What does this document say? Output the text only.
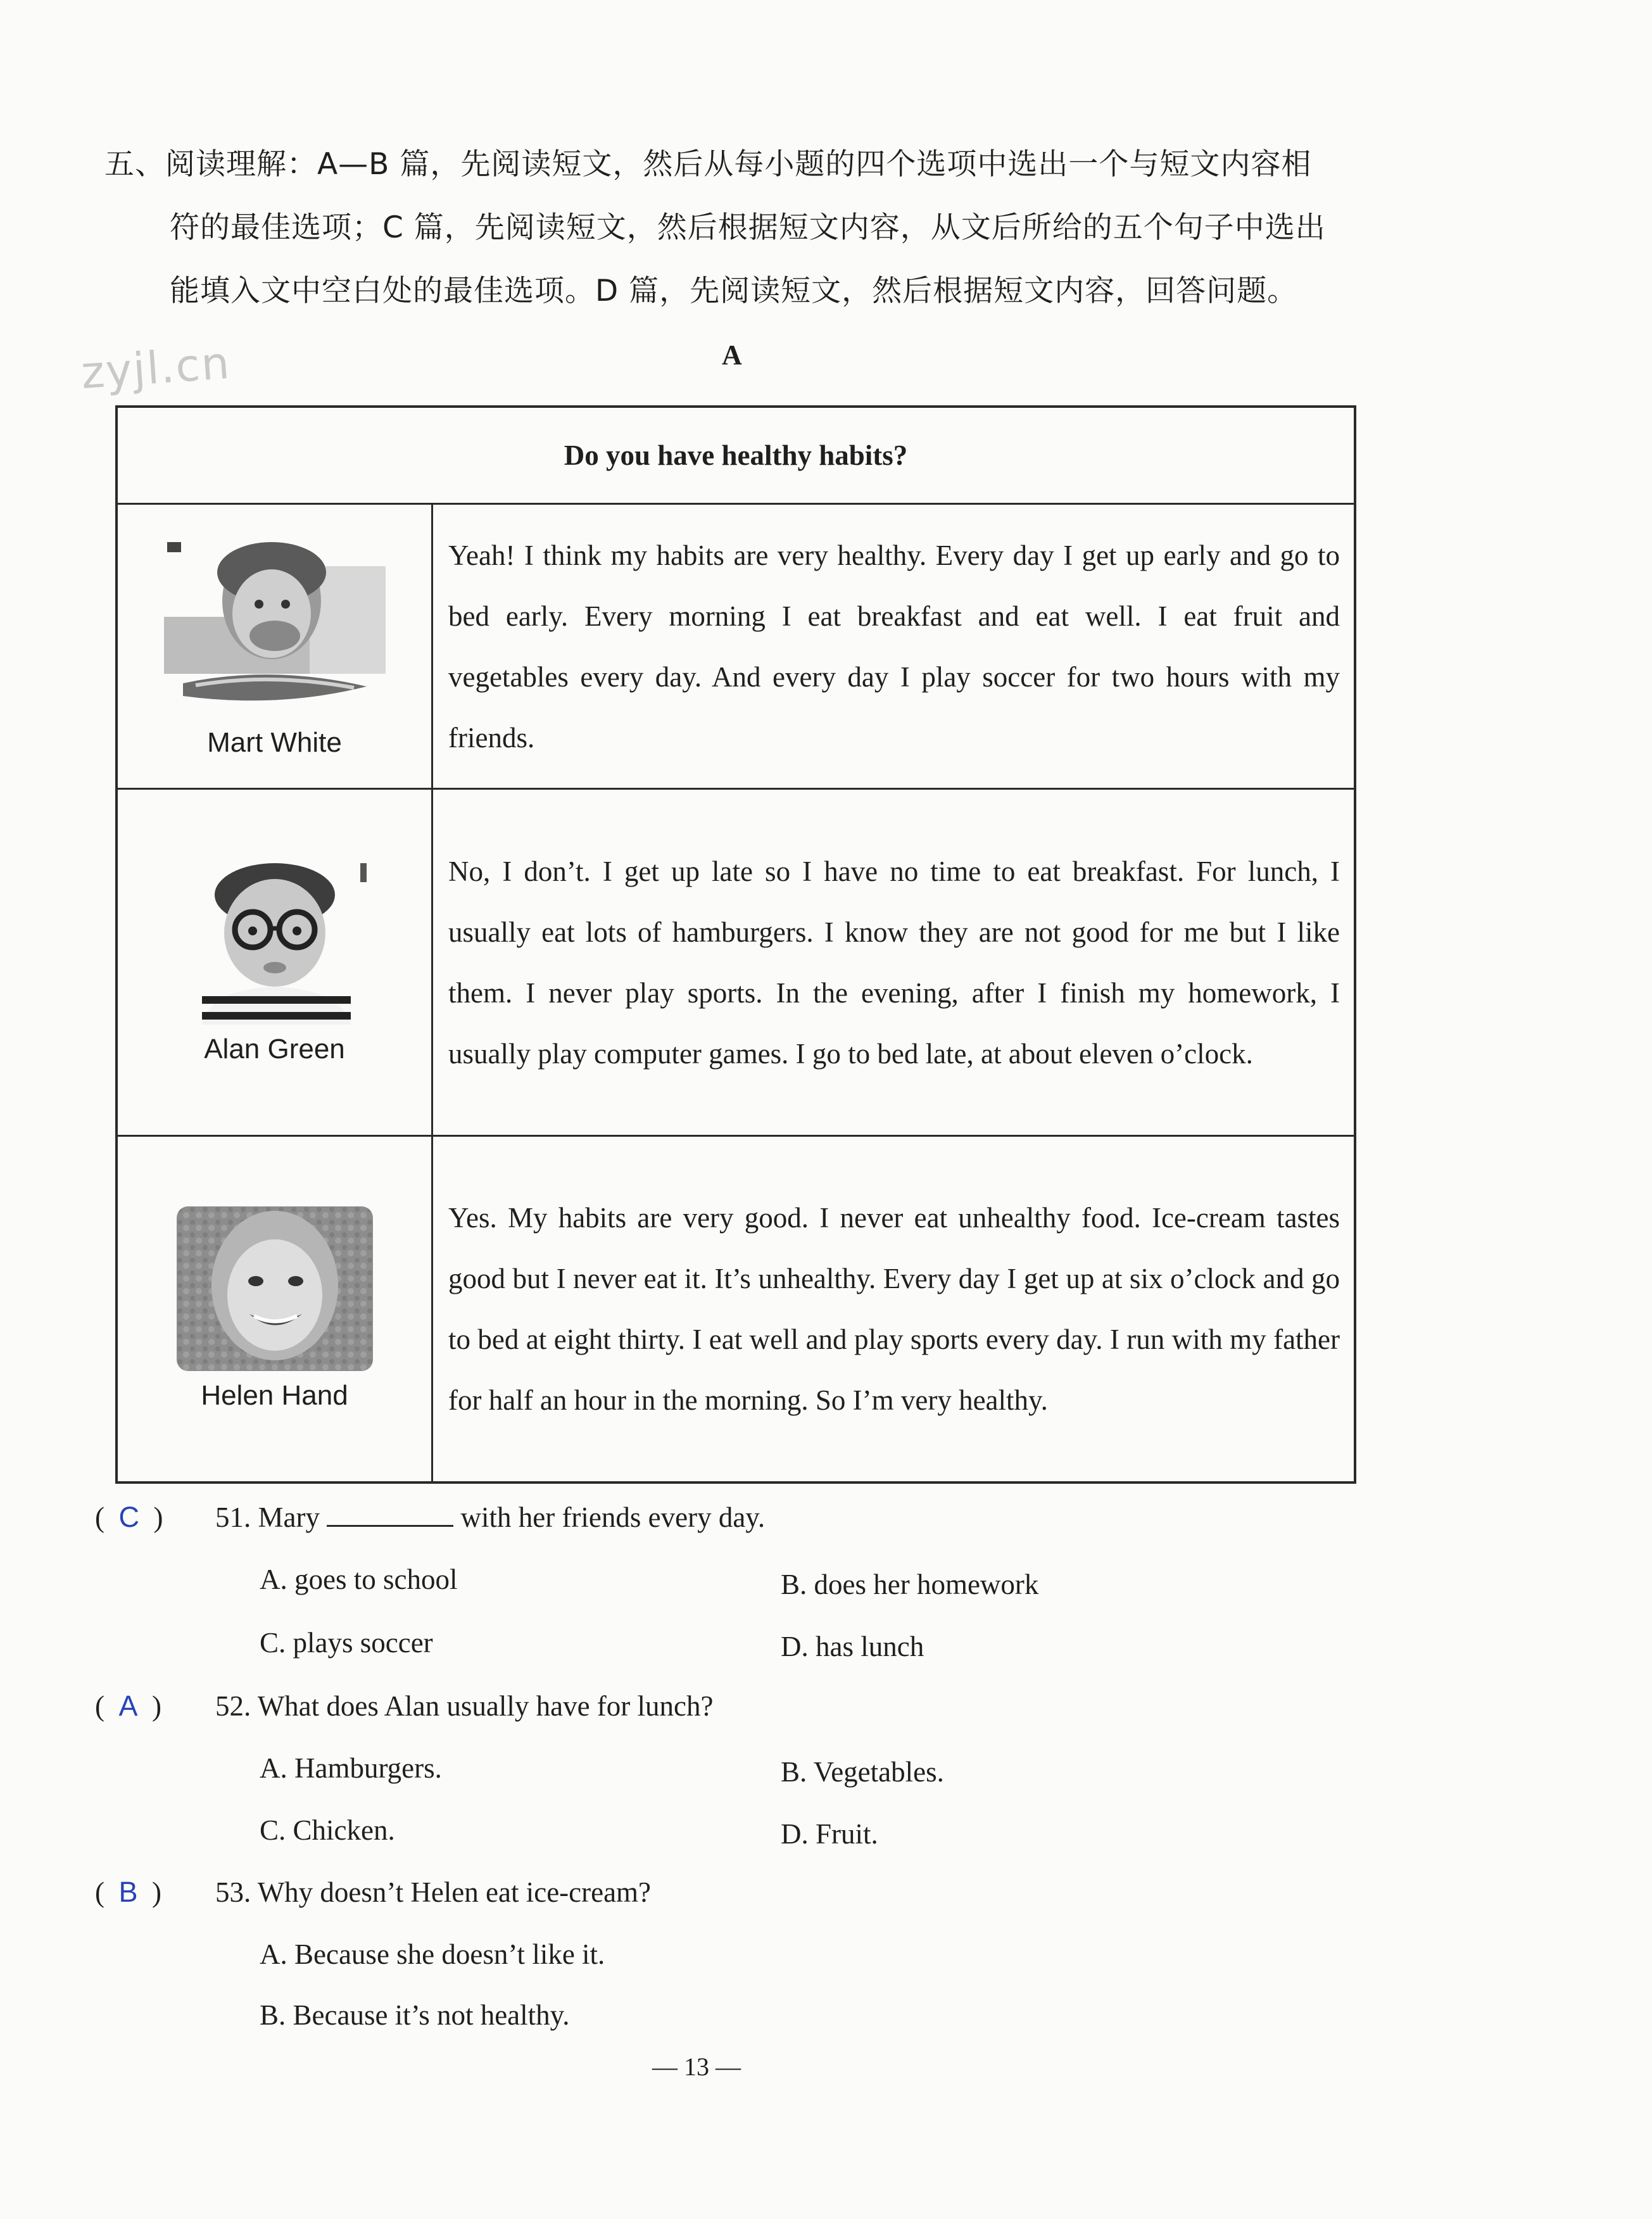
五、阅读理解：A—B 篇，先阅读短文，然后从每小题的四个选项中选出一个与短文内容相

符的最佳选项；C 篇，先阅读短文，然后根据短文内容，从文后所给的五个句子中选出

能填入文中空白处的最佳选项。D 篇，先阅读短文，然后根据短文内容，回答问题。

zyjl.cn	A
Do you have healthy habits?	

Mart White	Yeah! I think my habits are very healthy. Every day I get up early and go to bed early. Every morning I eat breakfast and eat well. I eat fruit and vegetables every day. And every day I play soccer for two hours with my friends.

Alan Green	No, I don’t. I get up late so I have no time to eat breakfast. For lunch, I usually eat lots of hamburgers. I know they are not good for me but I like them. I never play sports. In the evening, after I finish my homework, I usually play computer games. I go to bed late, at about eleven o’clock.

Helen Hand	Yes. My habits are very good. I never eat unhealthy food. Ice-cream tastes good but I never eat it. It’s unhealthy. Every day I get up at six o’clock and go to bed at eight thirty. I eat well and play sports every day. I run with my father for half an hour in the morning. So I’m very healthy.
(  C  ) 51. Mary	with her friends every day.
A. goes to school	B. does her homework
C. plays soccer	D. has lunch
(  A  ) 52. What does Alan usually have for lunch?
A. Hamburgers.	B. Vegetables.
C. Chicken.	D. Fruit.
(  B  ) 53. Why doesn’t Helen eat ice-cream?
A. Because she doesn’t like it.
B. Because it’s not healthy.
— 13 —
